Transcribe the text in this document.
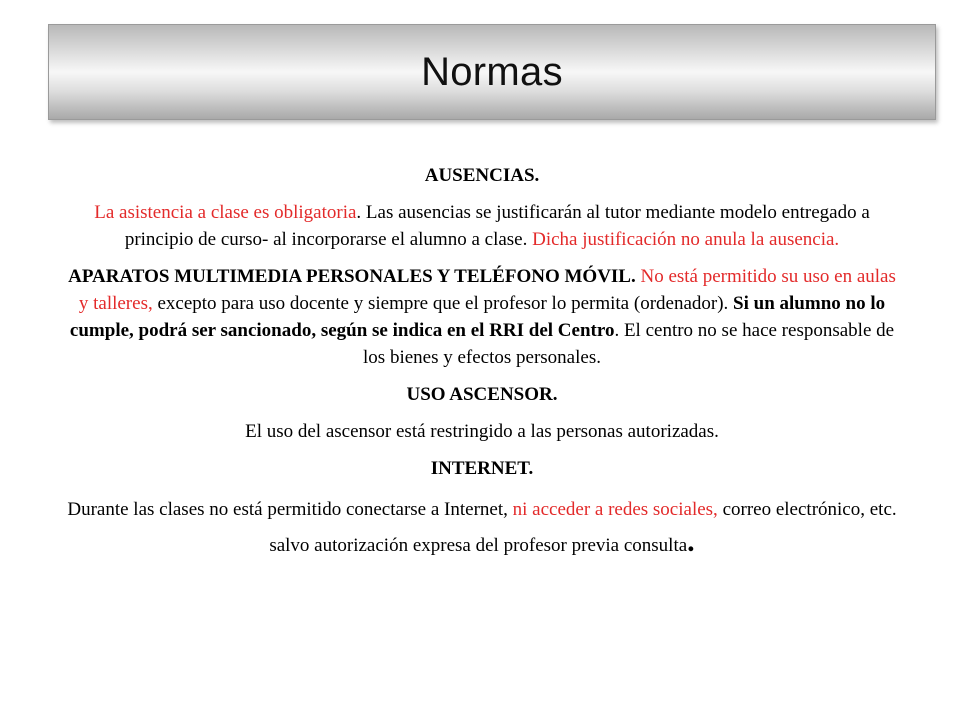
Normas

AUSENCIAS.

La asistencia a clase es obligatoria. Las ausencias se justificarán al tutor mediante modelo entregado a principio de curso- al incorporarse el alumno a clase. Dicha justificación no anula la ausencia.

APARATOS MULTIMEDIA PERSONALES Y TELÉFONO MÓVIL. No está permitido su uso en aulas y talleres, excepto para uso docente y siempre que el profesor lo permita (ordenador). Si un alumno no lo cumple, podrá ser sancionado, según se indica en el RRI del Centro. El centro no se hace responsable de los bienes y efectos personales.

USO ASCENSOR.

El uso del ascensor está restringido a las personas autorizadas.

INTERNET.

Durante las clases no está permitido conectarse a Internet, ni acceder a redes sociales, correo electrónico, etc. salvo autorización expresa del profesor previa consulta.
